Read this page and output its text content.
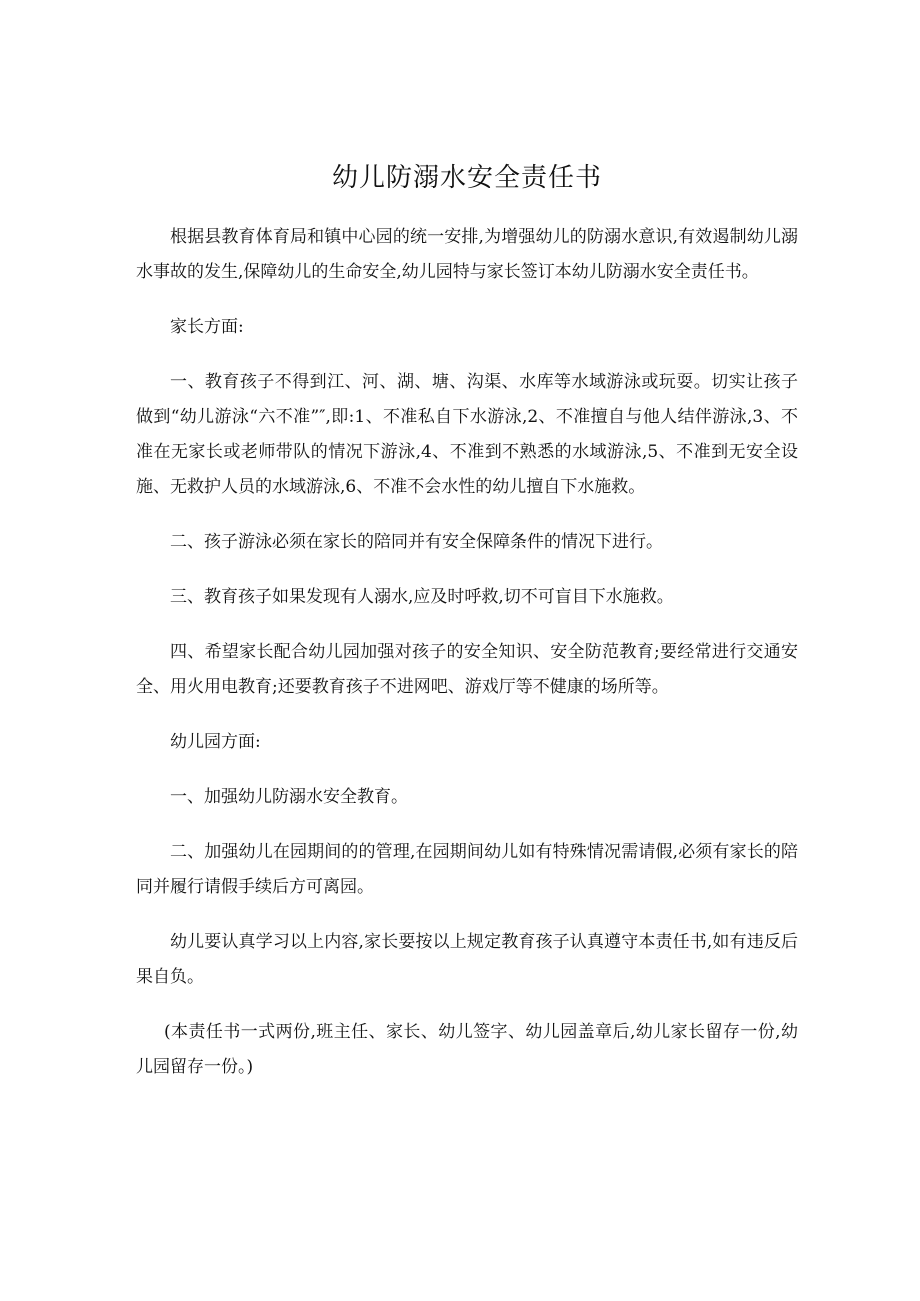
幼儿防溺水安全责任书

根据县教育体育局和镇中心园的统一安排,为增强幼儿的防溺水意识,有效遏制幼儿溺水事故的发生,保障幼儿的生命安全,幼儿园特与家长签订本幼儿防溺水安全责任书。

家长方面:

一、教育孩子不得到江、河、湖、塘、沟渠、水库等水域游泳或玩耍。切实让孩子做到“幼儿游泳“六不准”″,即:1、不准私自下水游泳,2、不准擅自与他人结伴游泳,3、不准在无家长或老师带队的情况下游泳,4、不准到不熟悉的水域游泳,5、不准到无安全设施、无救护人员的水域游泳,6、不准不会水性的幼儿擅自下水施救。

二、孩子游泳必须在家长的陪同并有安全保障条件的情况下进行。

三、教育孩子如果发现有人溺水,应及时呼救,切不可盲目下水施救。

四、希望家长配合幼儿园加强对孩子的安全知识、安全防范教育;要经常进行交通安全、用火用电教育;还要教育孩子不进网吧、游戏厅等不健康的场所等。

幼儿园方面:

一、加强幼儿防溺水安全教育。

二、加强幼儿在园期间的的管理,在园期间幼儿如有特殊情况需请假,必须有家长的陪同并履行请假手续后方可离园。

幼儿要认真学习以上内容,家长要按以上规定教育孩子认真遵守本责任书,如有违反后果自负。

(本责任书一式两份,班主任、家长、幼儿签字、幼儿园盖章后,幼儿家长留存一份,幼儿园留存一份。)
